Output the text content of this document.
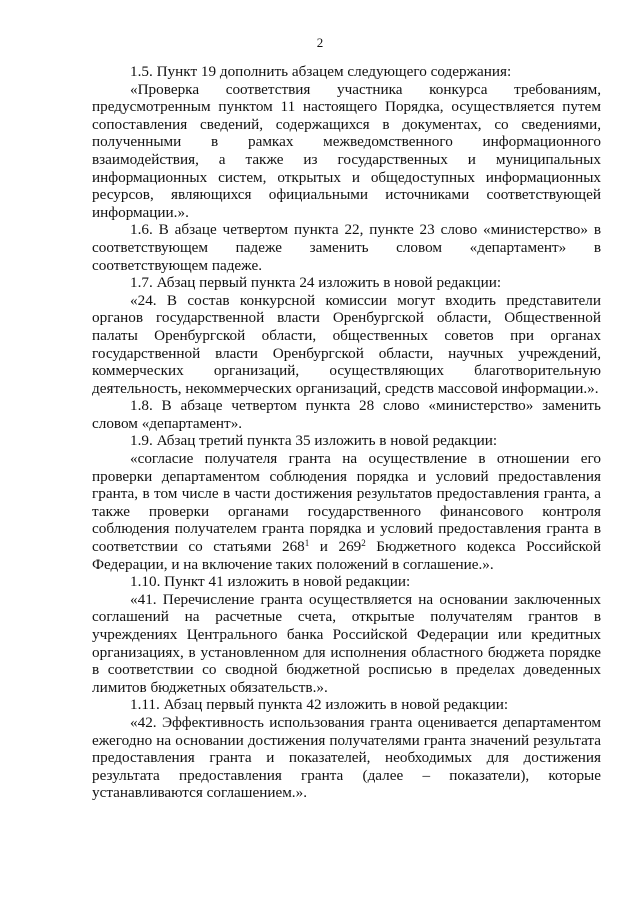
2

1.5. Пункт 19 дополнить абзацем следующего содержания:

«Проверка соответствия участника конкурса требованиям, предусмотренным пунктом 11 настоящего Порядка, осуществляется путем сопоставления сведений, содержащихся в документах, со сведениями, полученными в рамках межведомственного информационного взаимодействия, а также из государственных и муниципальных информационных систем, открытых и общедоступных информационных ресурсов, являющихся официальными источниками соответствующей информации.».

1.6. В абзаце четвертом пункта 22, пункте 23 слово «министерство» в соответствующем падеже заменить словом «департамент» в соответствующем падеже.

1.7. Абзац первый пункта 24 изложить в новой редакции:

«24. В состав конкурсной комиссии могут входить представители органов государственной власти Оренбургской области, Общественной палаты Оренбургской области, общественных советов при органах государственной власти Оренбургской области, научных учреждений, коммерческих организаций, осуществляющих благотворительную деятельность, некоммерческих организаций, средств массовой информации.».

1.8. В абзаце четвертом пункта 28 слово «министерство» заменить словом «департамент».

1.9. Абзац третий пункта 35 изложить в новой редакции:

«согласие получателя гранта на осуществление в отношении его проверки департаментом соблюдения порядка и условий предоставления гранта, в том числе в части достижения результатов предоставления гранта, а также проверки органами государственного финансового контроля соблюдения получателем гранта порядка и условий предоставления гранта в соответствии со статьями $268^1$ и $269^2$ Бюджетного кодекса Российской Федерации, и на включение таких положений в соглашение.».

1.10. Пункт 41 изложить в новой редакции:

«41. Перечисление гранта осуществляется на основании заключенных соглашений на расчетные счета, открытые получателям грантов в учреждениях Центрального банка Российской Федерации или кредитных организациях, в установленном для исполнения областного бюджета порядке в соответствии со сводной бюджетной росписью в пределах доведенных лимитов бюджетных обязательств.».

1.11. Абзац первый пункта 42 изложить в новой редакции:

«42. Эффективность использования гранта оценивается департаментом ежегодно на основании достижения получателями гранта значений результата предоставления гранта и показателей, необходимых для достижения результата предоставления гранта (далее – показатели), которые устанавливаются соглашением.».
